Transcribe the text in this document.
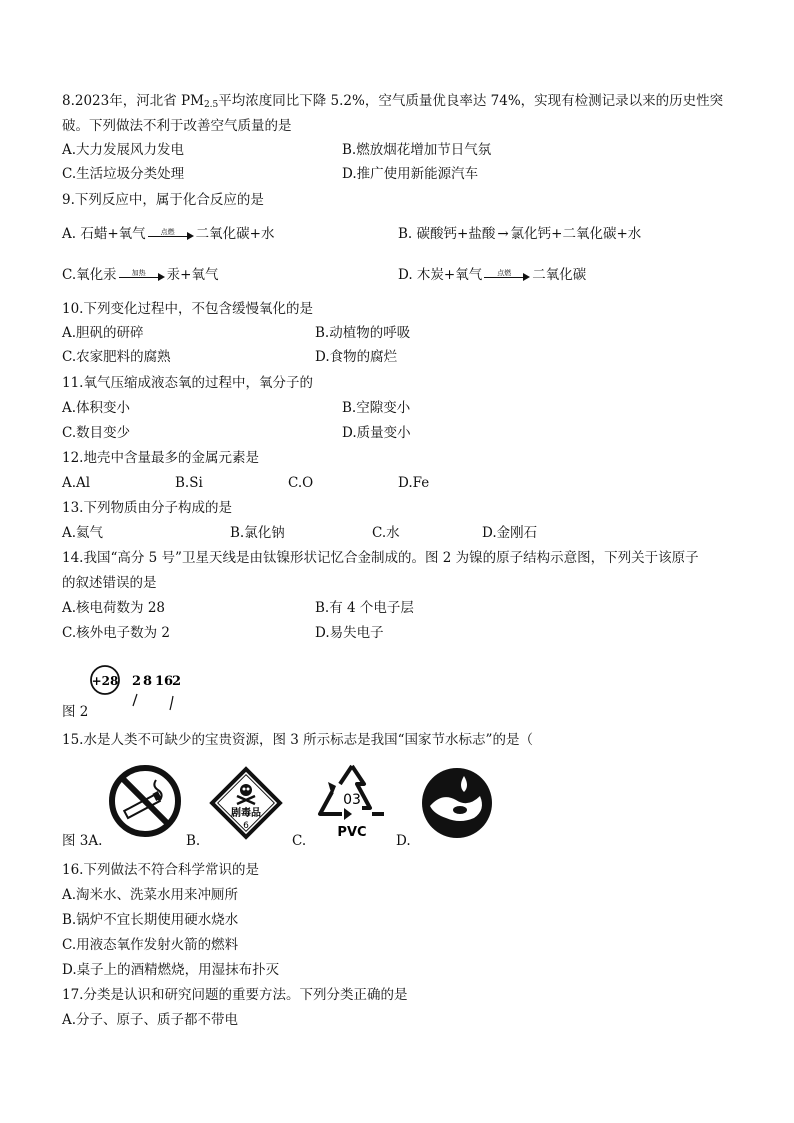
8.2023年，河北省 $PM_{2.5}$平均浓度同比下降 5.2%，空气质量优良率达 74%，实现有检测记录以来的历史性突
破。下列做法不利于改善空气质量的是
A.大力发展风力发电	B.燃放烟花增加节日气氛
C.生活垃圾分类处理	D.推广使用新能源汽车
9.下列反应中，属于化合反应的是
A. 石蜡+氧气	点燃	二氧化碳+水	B. 碳酸钙+盐酸 → 氯化钙+二氧化碳+水
C.氧化汞	加热	汞+氧气	D. 木炭+氧气	点燃	二氧化碳
10.下列变化过程中，不包含缓慢氧化的是
A.胆矾的研碎	B.动植物的呼吸
C.农家肥料的腐熟	D.食物的腐烂
11.氧气压缩成液态氧的过程中，氧分子的
A.体积变小	B.空隙变小
C.数目变少	D.质量变小
12.地壳中含量最多的金属元素是
A.Al	B.Si	C.O	D.Fe
13.下列物质由分子构成的是
A.氦气	B.氯化钠	C.水	D.金刚石
14.我国“高分 5 号”卫星天线是由钛镍形状记忆合金制成的。图 2 为镍的原子结构示意图，下列关于该原子
的叙述错误的是
A.核电荷数为 28	B.有 4 个电子层
C.核外电子数为 2	D.易失电子
+28 2 8 16
2
图 2
15.水是人类不可缺少的宝贵资源，图 3 所示标志是我国“国家节水标志”的是（
图 3A.
剧毒品
6
B.
03
PVC
C.	D.
16.下列做法不符合科学常识的是
A.淘米水、洗菜水用来冲厕所
B.锅炉不宜长期使用硬水烧水
C.用液态氧作发射火箭的燃料
D.桌子上的酒精燃烧，用湿抹布扑灭
17.分类是认识和研究问题的重要方法。下列分类正确的是
A.分子、原子、质子都不带电
